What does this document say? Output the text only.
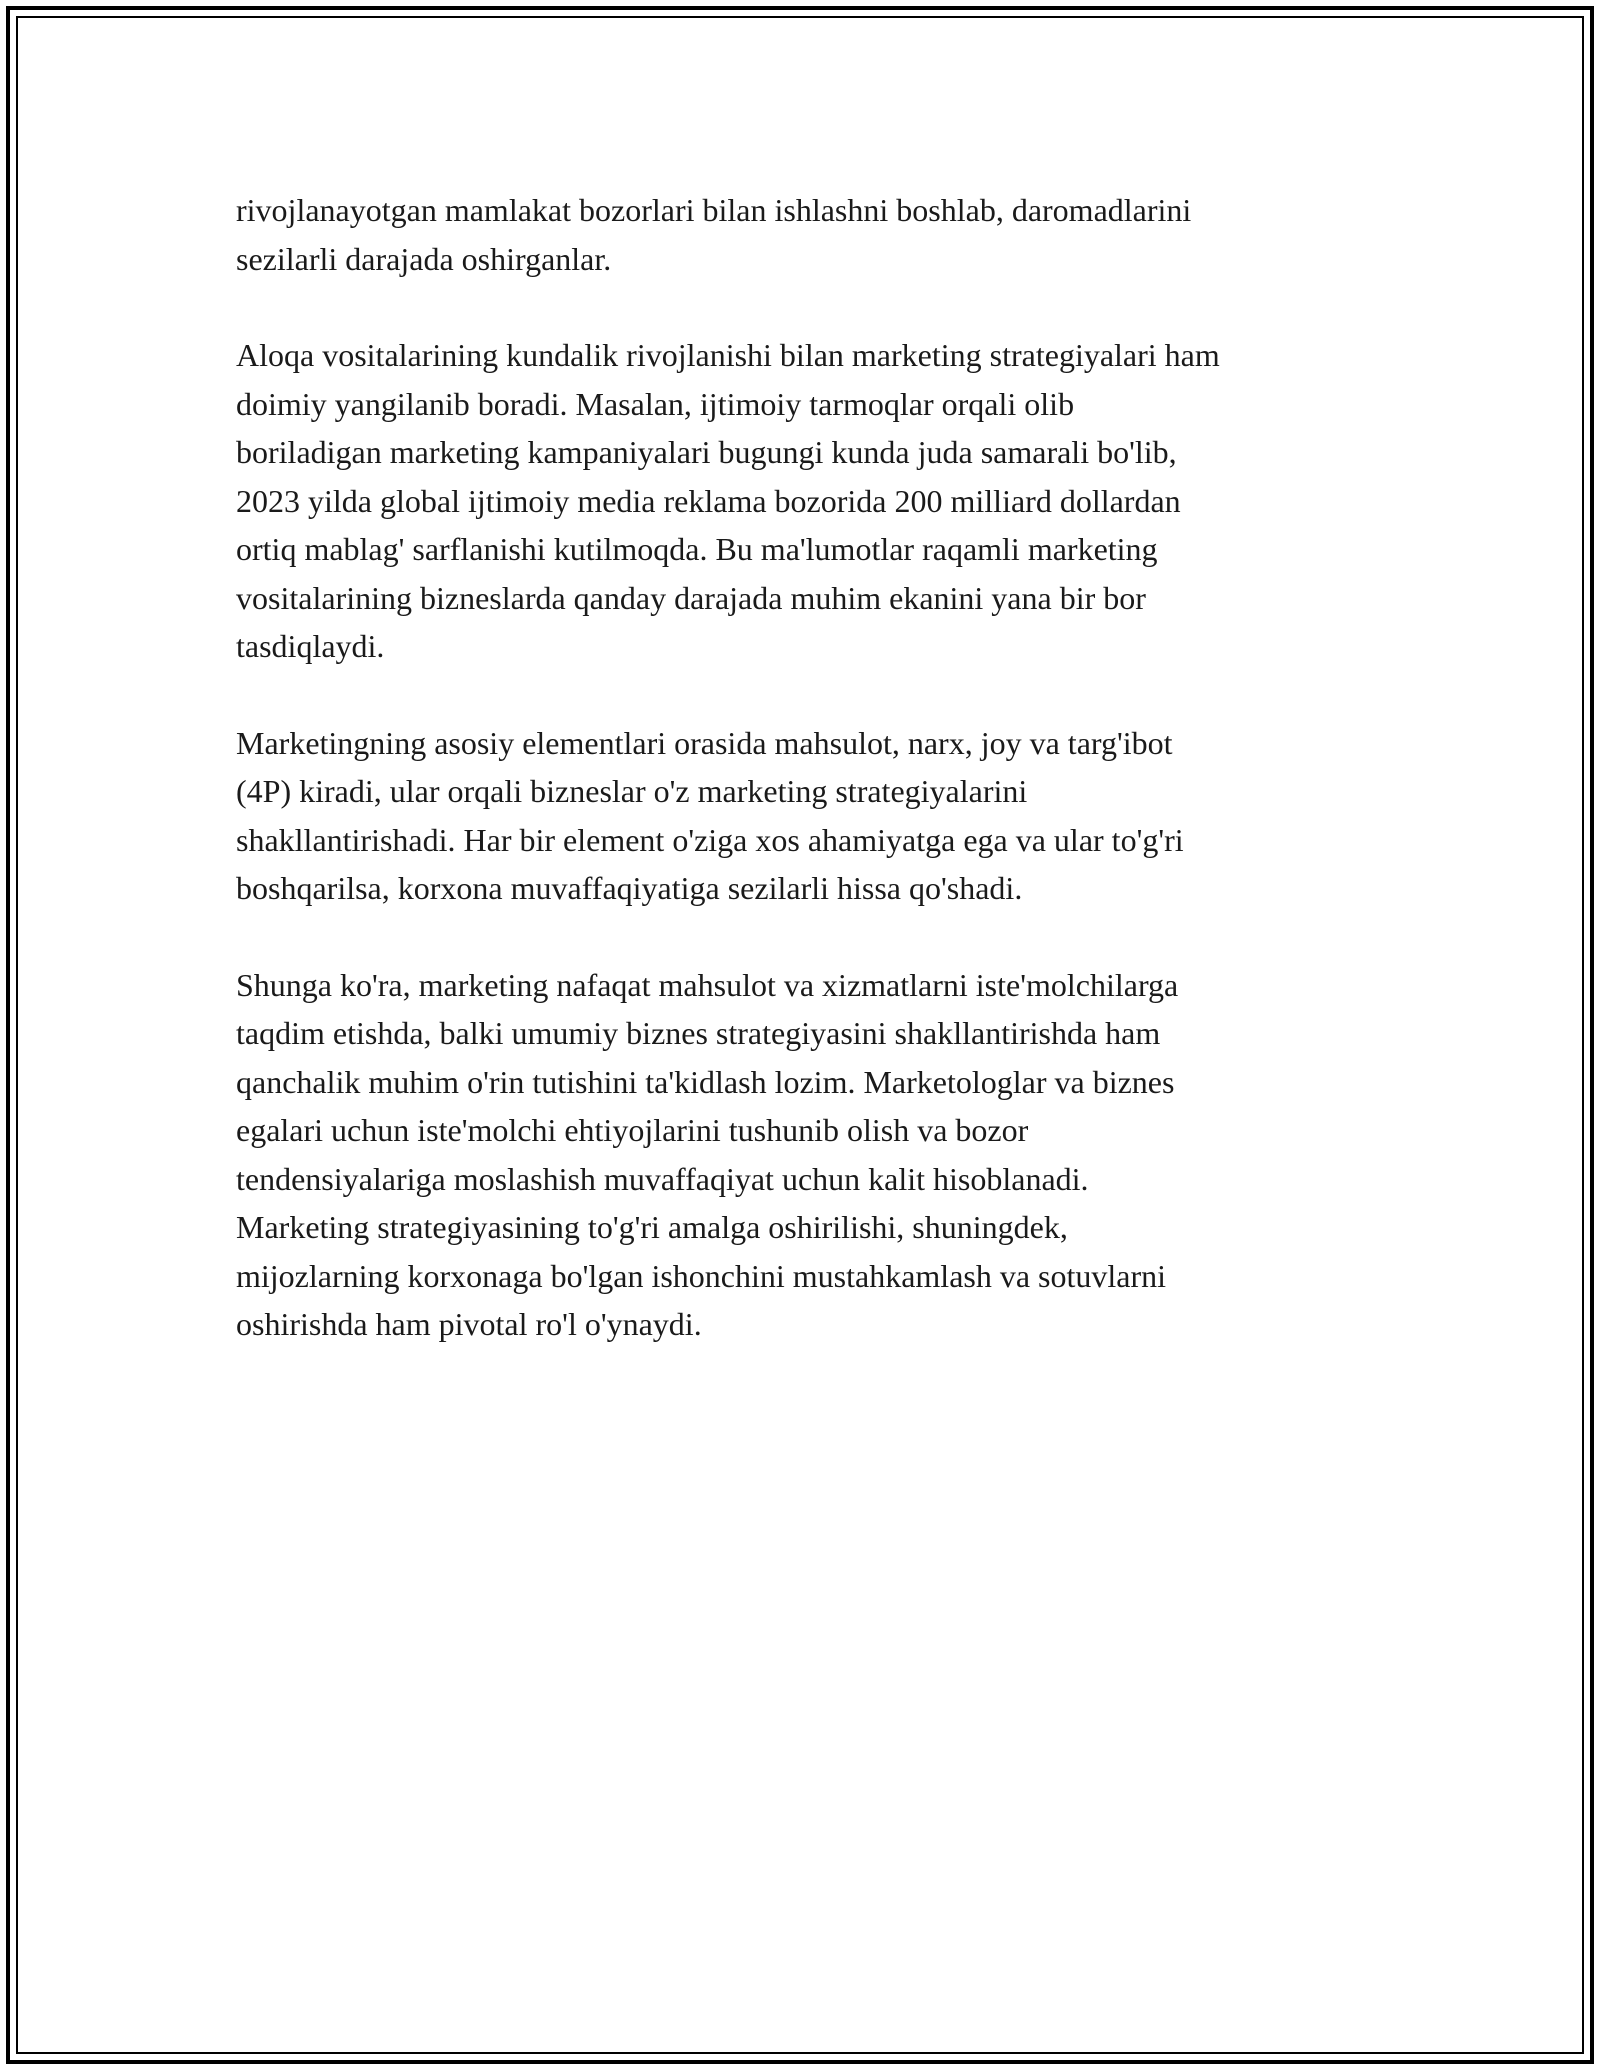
rivojlanayotgan mamlakat bozorlari bilan ishlashni boshlab, daromadlarini
sezilarli darajada oshirganlar.

Aloqa vositalarining kundalik rivojlanishi bilan marketing strategiyalari ham
doimiy yangilanib boradi. Masalan, ijtimoiy tarmoqlar orqali olib
boriladigan marketing kampaniyalari bugungi kunda juda samarali bo'lib,
2023 yilda global ijtimoiy media reklama bozorida 200 milliard dollardan
ortiq mablag' sarflanishi kutilmoqda. Bu ma'lumotlar raqamli marketing
vositalarining bizneslarda qanday darajada muhim ekanini yana bir bor
tasdiqlaydi.

Marketingning asosiy elementlari orasida mahsulot, narx, joy va targ'ibot
(4P) kiradi, ular orqali bizneslar o'z marketing strategiyalarini
shakllantirishadi. Har bir element o'ziga xos ahamiyatga ega va ular to'g'ri
boshqarilsa, korxona muvaffaqiyatiga sezilarli hissa qo'shadi.

Shunga ko'ra, marketing nafaqat mahsulot va xizmatlarni iste'molchilarga
taqdim etishda, balki umumiy biznes strategiyasini shakllantirishda ham
qanchalik muhim o'rin tutishini ta'kidlash lozim. Marketologlar va biznes
egalari uchun iste'molchi ehtiyojlarini tushunib olish va bozor
tendensiyalariga moslashish muvaffaqiyat uchun kalit hisoblanadi.
Marketing strategiyasining to'g'ri amalga oshirilishi, shuningdek,
mijozlarning korxonaga bo'lgan ishonchini mustahkamlash va sotuvlarni
oshirishda ham pivotal ro'l o'ynaydi.
